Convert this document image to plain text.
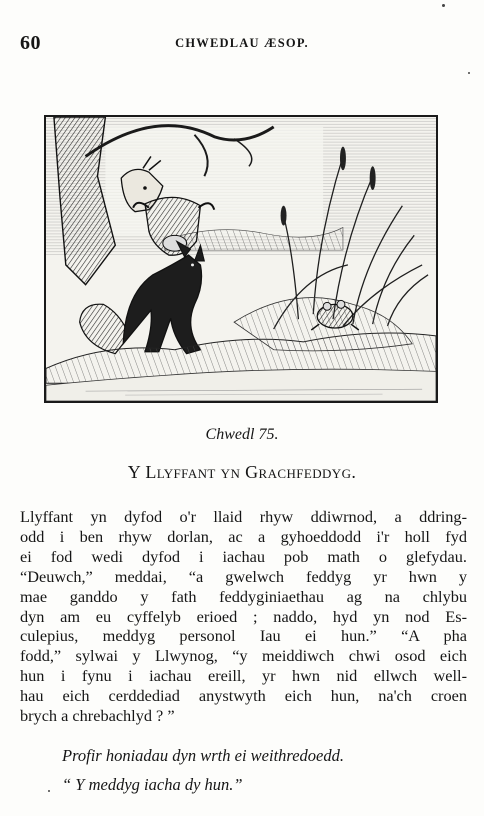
60	CHWEDLAU ÆSOP.
Chwedl 75.
Y Llyffant yn Grachfeddyg.
Llyffant yn dyfod o'r llaid rhyw ddiwrnod, a ddring-
odd i ben rhyw dorlan, ac a gyhoeddodd i'r holl fyd
ei fod wedi dyfod i iachau pob math o glefydau.
“Deuwch,” meddai, “a gwelwch feddyg yr hwn y
mae ganddo y fath feddyginiaethau ag na chlybu
dyn am eu cyffelyb erioed ; naddo, hyd yn nod Es-
culepius, meddyg personol Iau ei hun.” “A pha
fodd,” sylwai y Llwynog, “y meiddiwch chwi osod eich
hun i fynu i iachau ereill, yr hwn nid ellwch well-
hau eich cerddediad anystwyth eich hun, na'ch croen
brych a chrebachlyd ? ”
Profir honiadau dyn wrth ei weithredoedd.
“ Y meddyg iacha dy hun.”
